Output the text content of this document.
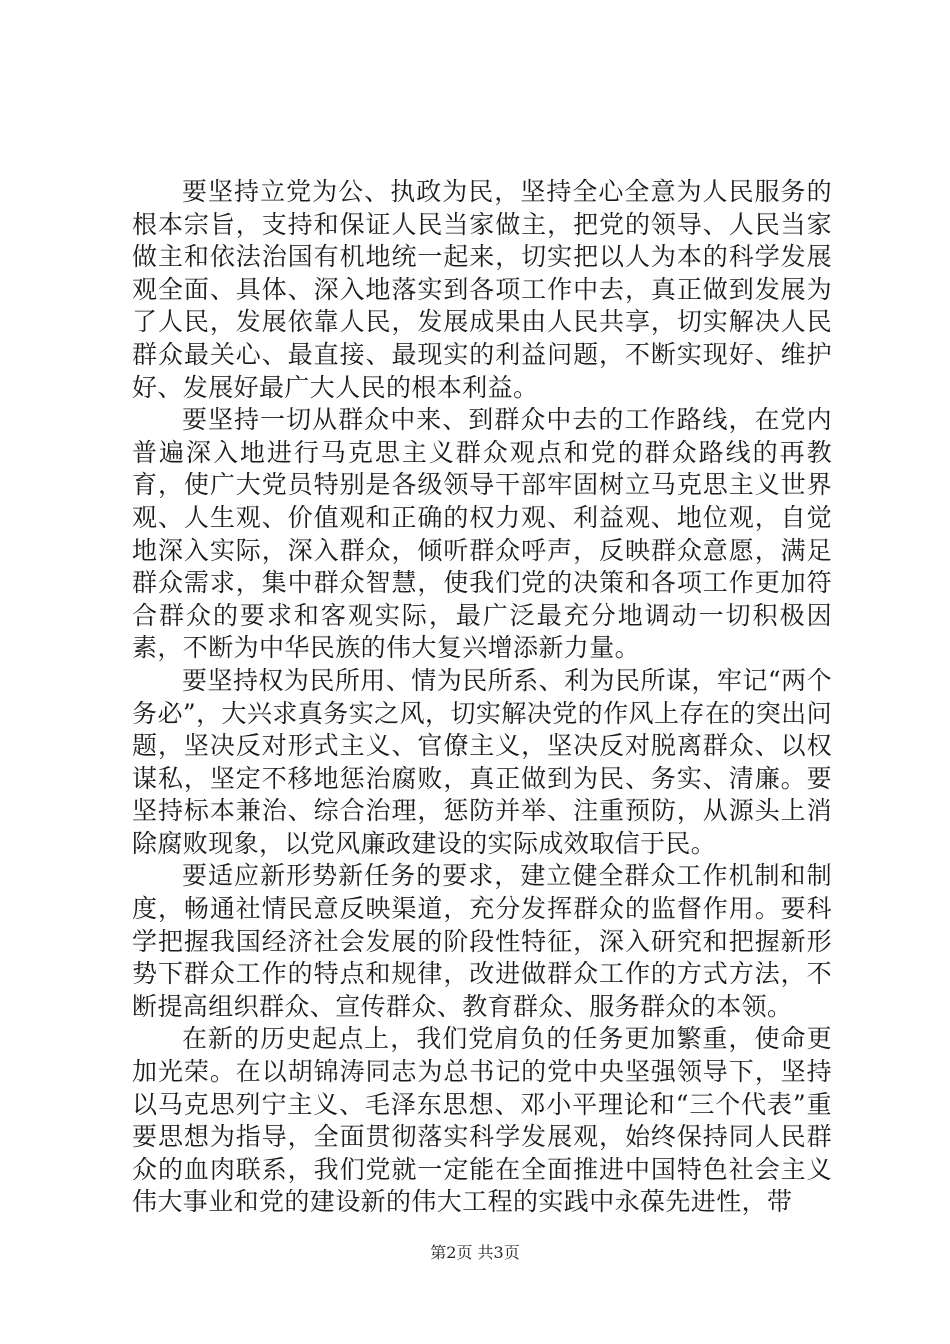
要坚持立党为公、执政为民，坚持全心全意为人民服务的根本宗旨，支持和保证人民当家做主，把党的领导、人民当家做主和依法治国有机地统一起来，切实把以人为本的科学发展观全面、具体、深入地落实到各项工作中去，真正做到发展为了人民，发展依靠人民，发展成果由人民共享，切实解决人民群众最关心、最直接、最现实的利益问题，不断实现好、维护好、发展好最广大人民的根本利益。

要坚持一切从群众中来、到群众中去的工作路线，在党内普遍深入地进行马克思主义群众观点和党的群众路线的再教育，使广大党员特别是各级领导干部牢固树立马克思主义世界观、人生观、价值观和正确的权力观、利益观、地位观，自觉地深入实际，深入群众，倾听群众呼声，反映群众意愿，满足群众需求，集中群众智慧，使我们党的决策和各项工作更加符合群众的要求和客观实际，最广泛最充分地调动一切积极因素，不断为中华民族的伟大复兴增添新力量。

要坚持权为民所用、情为民所系、利为民所谋，牢记“两个务必”，大兴求真务实之风，切实解决党的作风上存在的突出问题，坚决反对形式主义、官僚主义，坚决反对脱离群众、以权谋私，坚定不移地惩治腐败，真正做到为民、务实、清廉。要坚持标本兼治、综合治理，惩防并举、注重预防，从源头上消除腐败现象，以党风廉政建设的实际成效取信于民。

要适应新形势新任务的要求，建立健全群众工作机制和制度，畅通社情民意反映渠道，充分发挥群众的监督作用。要科学把握我国经济社会发展的阶段性特征，深入研究和把握新形势下群众工作的特点和规律，改进做群众工作的方式方法，不断提高组织群众、宣传群众、教育群众、服务群众的本领。

在新的历史起点上，我们党肩负的任务更加繁重，使命更加光荣。在以胡锦涛同志为总书记的党中央坚强领导下，坚持以马克思列宁主义、毛泽东思想、邓小平理论和“三个代表”重要思想为指导，全面贯彻落实科学发展观，始终保持同人民群众的血肉联系，我们党就一定能在全面推进中国特色社会主义伟大事业和党的建设新的伟大工程的实践中永葆先进性，带

第2页 共3页
